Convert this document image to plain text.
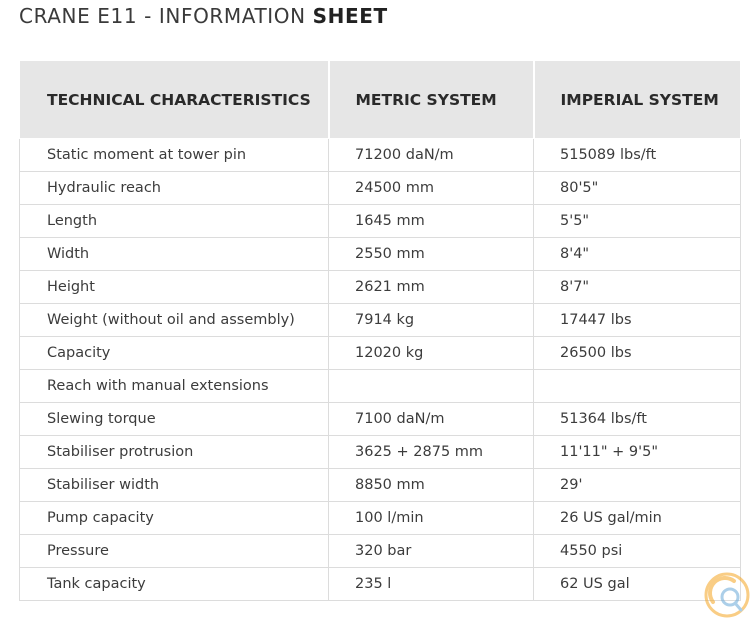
CRANE E11 - INFORMATION SHEET
TECHNICAL CHARACTERISTICS	METRIC SYSTEM	IMPERIAL SYSTEM
Static moment at tower pin	71200 daN/m	515089 lbs/ft
Hydraulic reach	24500 mm	80'5"
Length	1645 mm	5'5"
Width	2550 mm	8'4"
Height	2621 mm	8'7"
Weight (without oil and assembly)	7914 kg	17447 lbs
Capacity	12020 kg	26500 lbs
Reach with manual extensions		
Slewing torque	7100 daN/m	51364 lbs/ft
Stabiliser protrusion	3625 + 2875 mm	11'11" + 9'5"
Stabiliser width	8850 mm	29'
Pump capacity	100 l/min	26 US gal/min
Pressure	320 bar	4550 psi
Tank capacity	235 l	62 US gal
